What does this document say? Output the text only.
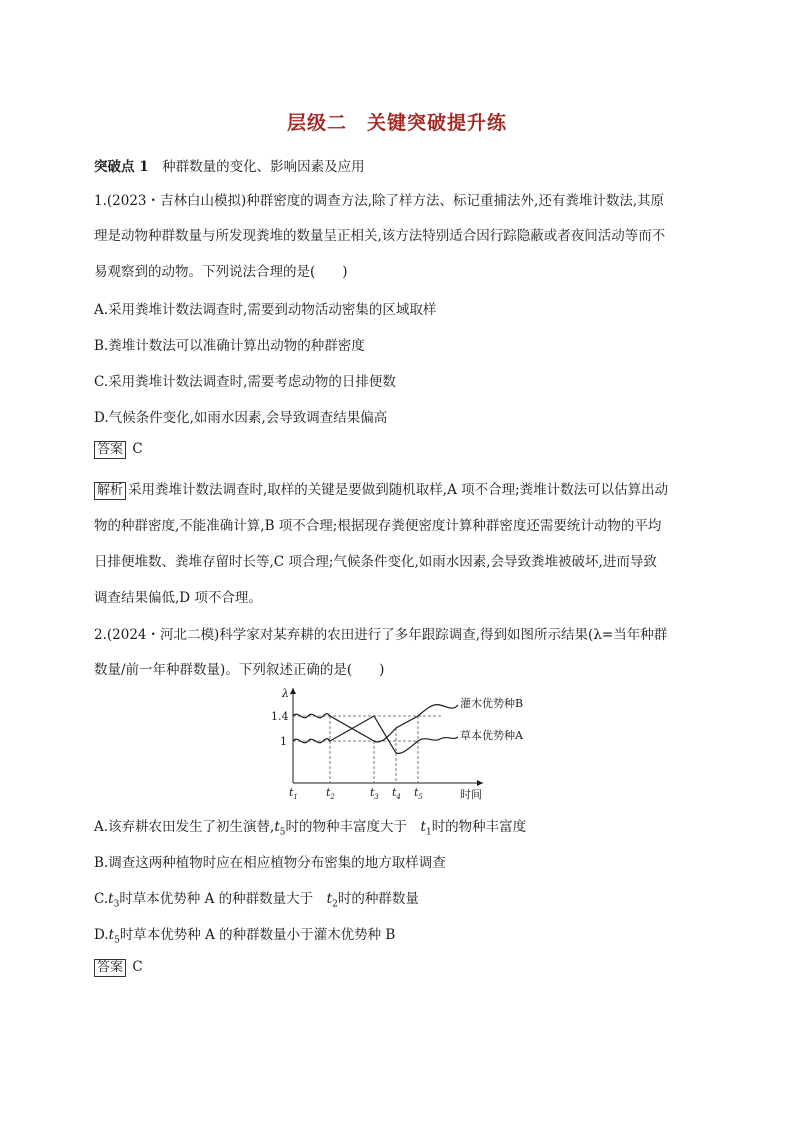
层级二　关键突破提升练
突破点 1　 种群数量的变化、影响因素及应用
1.(2023・吉林白山模拟)种群密度的调查方法,除了样方法、标记重捕法外,还有粪堆计数法,其原
理是动物种群数量与所发现粪堆的数量呈正相关,该方法特别适合因行踪隐蔽或者夜间活动等而不
易观察到的动物。下列说法合理的是(　　)
A.采用粪堆计数法调查时,需要到动物活动密集的区域取样
B.粪堆计数法可以准确计算出动物的种群密度
C.采用粪堆计数法调查时,需要考虑动物的日排便数
D.气候条件变化,如雨水因素,会导致调查结果偏高
答案 C
解析 采用粪堆计数法调查时,取样的关键是要做到随机取样,A 项不合理;粪堆计数法可以估算出动
物的种群密度,不能准确计算,B 项不合理;根据现存粪便密度计算种群密度还需要统计动物的平均
日排便堆数、粪堆存留时长等,C 项合理;气候条件变化,如雨水因素,会导致粪堆被破坏,进而导致
调查结果偏低,D 项不合理。
2.(2024・河北二模)科学家对某弃耕的农田进行了多年跟踪调查,得到如图所示结果(λ=当年种群
数量/前一年种群数量)。下列叙述正确的是(　　)
λ
1.4
1
时间
灌木优势种B
草本优势种A
$t_1$	$t_2$	$t_3$ $t_4$ $t_5$
A.该弃耕农田发生了初生演替$,t_5$时的物种丰富度大于　$t_1$时的物种丰富度
B.调查这两种植物时应在相应植物分布密集的地方取样调查
$C.t_3$时草本优势种 A 的种群数量大于　$t_2$时的种群数量
$D.t_5$时草本优势种 A 的种群数量小于灌木优势种 B
答案 C
